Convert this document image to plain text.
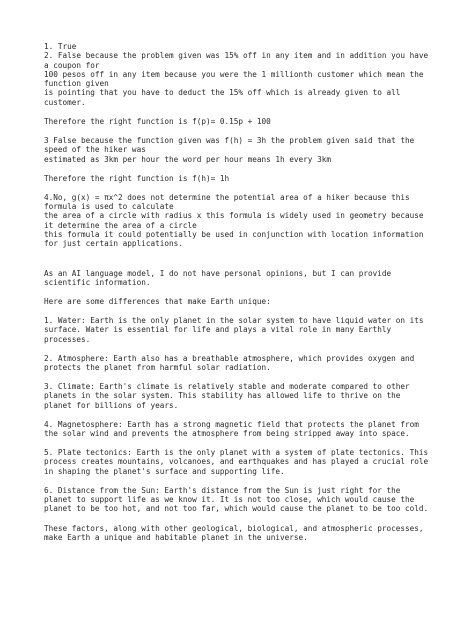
1. True
2. False because the problem given was 15% off in any item and in addition you have
a coupon for
100 pesos off in any item because you were the 1 millionth customer which mean the
function given
is pointing that you have to deduct the 15% off which is already given to all
customer.
Therefore the right function is f(p)= 0.15p + 100
3 False because the function given was f(h) = 3h the problem given said that the
speed of the hiker was
estimated as 3km per hour the word per hour means 1h every 3km
Therefore the right function is f(h)= 1h
4.No, g(x) = πx^2 does not determine the potential area of a hiker because this
formula is used to calculate
the area of a circle with radius x this formula is widely used in geometry because
it determine the area of a circle
this formula it could potentially be used in conjunction with location information
for just certain applications.
As an AI language model, I do not have personal opinions, but I can provide
scientific information.
Here are some differences that make Earth unique:
1. Water: Earth is the only planet in the solar system to have liquid water on its
surface. Water is essential for life and plays a vital role in many Earthly
processes.
2. Atmosphere: Earth also has a breathable atmosphere, which provides oxygen and
protects the planet from harmful solar radiation.
3. Climate: Earth's climate is relatively stable and moderate compared to other
planets in the solar system. This stability has allowed life to thrive on the
planet for billions of years.
4. Magnetosphere: Earth has a strong magnetic field that protects the planet from
the solar wind and prevents the atmosphere from being stripped away into space.
5. Plate tectonics: Earth is the only planet with a system of plate tectonics. This
process creates mountains, volcanoes, and earthquakes and has played a crucial role
in shaping the planet's surface and supporting life.
6. Distance from the Sun: Earth's distance from the Sun is just right for the
planet to support life as we know it. It is not too close, which would cause the
planet to be too hot, and not too far, which would cause the planet to be too cold.
These factors, along with other geological, biological, and atmospheric processes,
make Earth a unique and habitable planet in the universe.
